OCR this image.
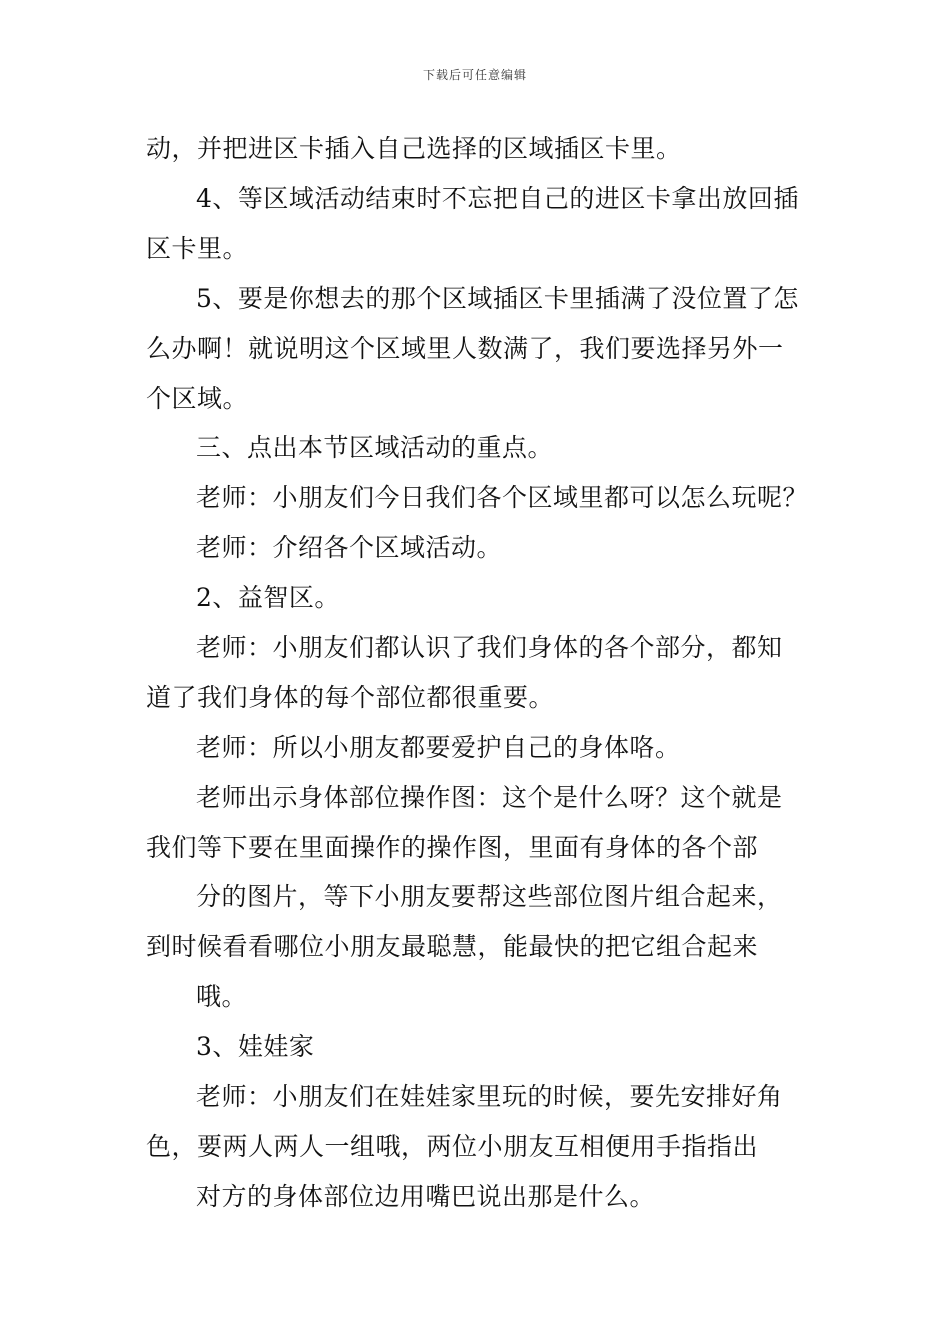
下载后可任意编辑
动，并把进区卡插入自己选择的区域插区卡里。
4、等区域活动结束时不忘把自己的进区卡拿出放回插
区卡里。
5、要是你想去的那个区域插区卡里插满了没位置了怎
么办啊！就说明这个区域里人数满了，我们要选择另外一
个区域。
三、点出本节区域活动的重点。
老师：小朋友们今日我们各个区域里都可以怎么玩呢？
老师：介绍各个区域活动。
2、益智区。
老师：小朋友们都认识了我们身体的各个部分，都知
道了我们身体的每个部位都很重要。
老师：所以小朋友都要爱护自己的身体咯。
老师出示身体部位操作图：这个是什么呀？这个就是
我们等下要在里面操作的操作图，里面有身体的各个部
分的图片，等下小朋友要帮这些部位图片组合起来，
到时候看看哪位小朋友最聪慧，能最快的把它组合起来
哦。
3、娃娃家
老师：小朋友们在娃娃家里玩的时候，要先安排好角
色，要两人两人一组哦，两位小朋友互相便用手指指出
对方的身体部位边用嘴巴说出那是什么。
